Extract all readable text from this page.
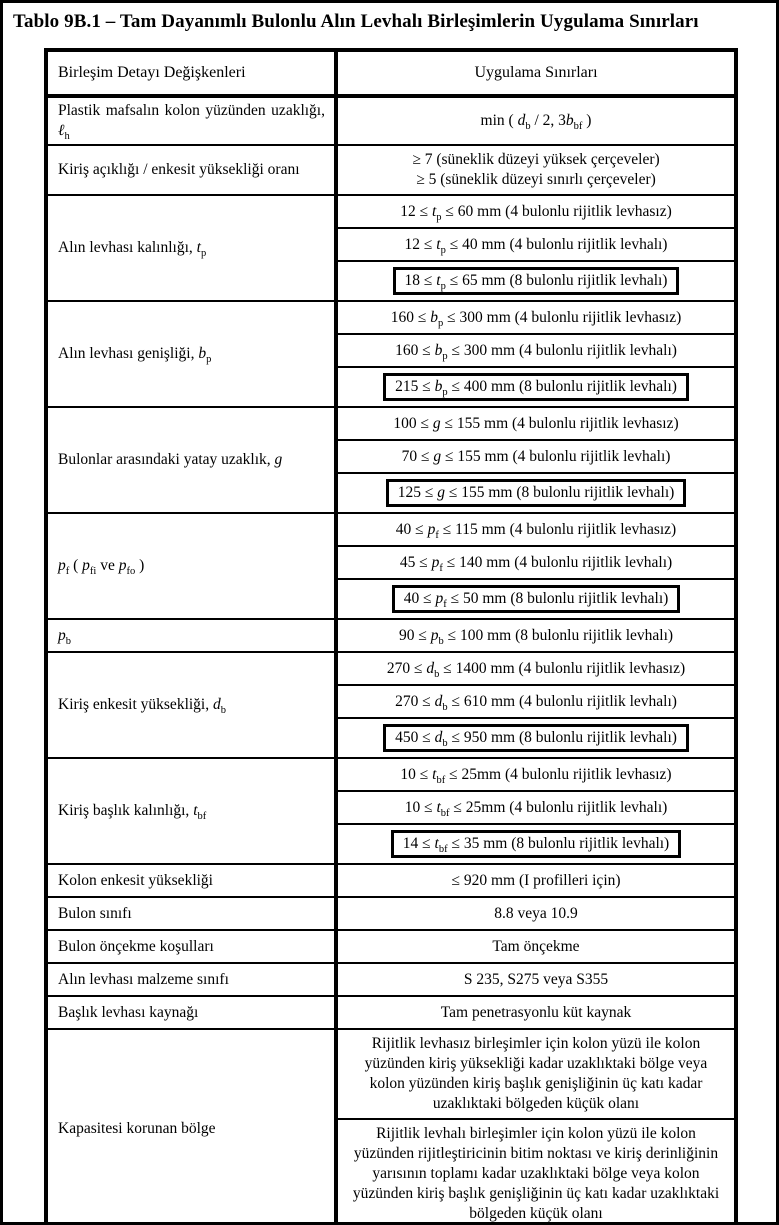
Tablo 9B.1 – Tam Dayanımlı Bulonlu Alın Levhalı Birleşimlerin Uygulama Sınırları
Birleşim Detayı Değişkenleri	Uygulama Sınırları
Plastik mafsalın kolon yüzünden uzaklığı, ℓ$_h$	min ( $d_b / 2$, $3b_{bf}$ )

Kiriş açıklığı / enkesit yüksekliği oranı	≥ 7 (süneklik düzeyi yüksek çerçeveler)
≥ 5 (süneklik düzeyi sınırlı çerçeveler)

Alın levhası kalınlığı, $t_p$	$12 \le t_p \le 60$ mm (4 bulonlu rijitlik levhasız)

	$12 \le t_p \le 40$ mm (4 bulonlu rijitlik levhalı)

	$18 \le t_p \le 65$ mm (8 bulonlu rijitlik levhalı)

Alın levhası genişliği, $b_p$	$160 \le b_p \le 300$ mm (4 bulonlu rijitlik levhasız)

	$160 \le b_p \le 300$ mm (4 bulonlu rijitlik levhalı)

	$215 \le b_p \le 400$ mm (8 bulonlu rijitlik levhalı)

Bulonlar arasındaki yatay uzaklık, g	100 ≤ g ≤ 155 mm (4 bulonlu rijitlik levhasız)

	70 ≤ g ≤ 155 mm (4 bulonlu rijitlik levhalı)

	125 ≤ g ≤ 155 mm (8 bulonlu rijitlik levhalı)

$p_f$ ( $p_{fi}$ ve $p_{fo}$ )	$40 \le p_f \le 115$ mm (4 bulonlu rijitlik levhasız)

	$45 \le p_f \le 140$ mm (4 bulonlu rijitlik levhalı)

	$40 \le p_f \le 50$ mm (8 bulonlu rijitlik levhalı)

$p_b$	$90 \le p_b \le 100$ mm (8 bulonlu rijitlik levhalı)

Kiriş enkesit yüksekliği, $d_b$	$270 \le d_b \le 1400$ mm (4 bulonlu rijitlik levhasız)

	$270 \le d_b \le 610$ mm (4 bulonlu rijitlik levhalı)

	$450 \le d_b \le 950$ mm (8 bulonlu rijitlik levhalı)

Kiriş başlık kalınlığı, $t_{bf}$	$10 \le t_{bf} \le 25mm$ (4 bulonlu rijitlik levhasız)

	$10 \le t_{bf} \le 25mm$ (4 bulonlu rijitlik levhalı)

	$14 \le t_{bf} \le 35$ mm (8 bulonlu rijitlik levhalı)

Kolon enkesit yüksekliği	≤ 920 mm (I profilleri için)

Bulon sınıfı	8.8 veya 10.9

Bulon önçekme koşulları	Tam önçekme

Alın levhası malzeme sınıfı	S 235, S275 veya S355

Başlık levhası kaynağı	Tam penetrasyonlu küt kaynak

Kapasitesi korunan bölge	Rijitlik levhasız birleşimler için kolon yüzü ile kolon yüzünden kiriş yüksekliği kadar uzaklıktaki bölge veya kolon yüzünden kiriş başlık genişliğinin üç katı kadar uzaklıktaki bölgeden küçük olanı

	Rijitlik levhalı birleşimler için kolon yüzü ile kolon yüzünden rijitleştiricinin bitim noktası ve kiriş derinliğinin yarısının toplamı kadar uzaklıktaki bölge veya kolon yüzünden kiriş başlık genişliğinin üç katı kadar uzaklıktaki bölgeden küçük olanı
